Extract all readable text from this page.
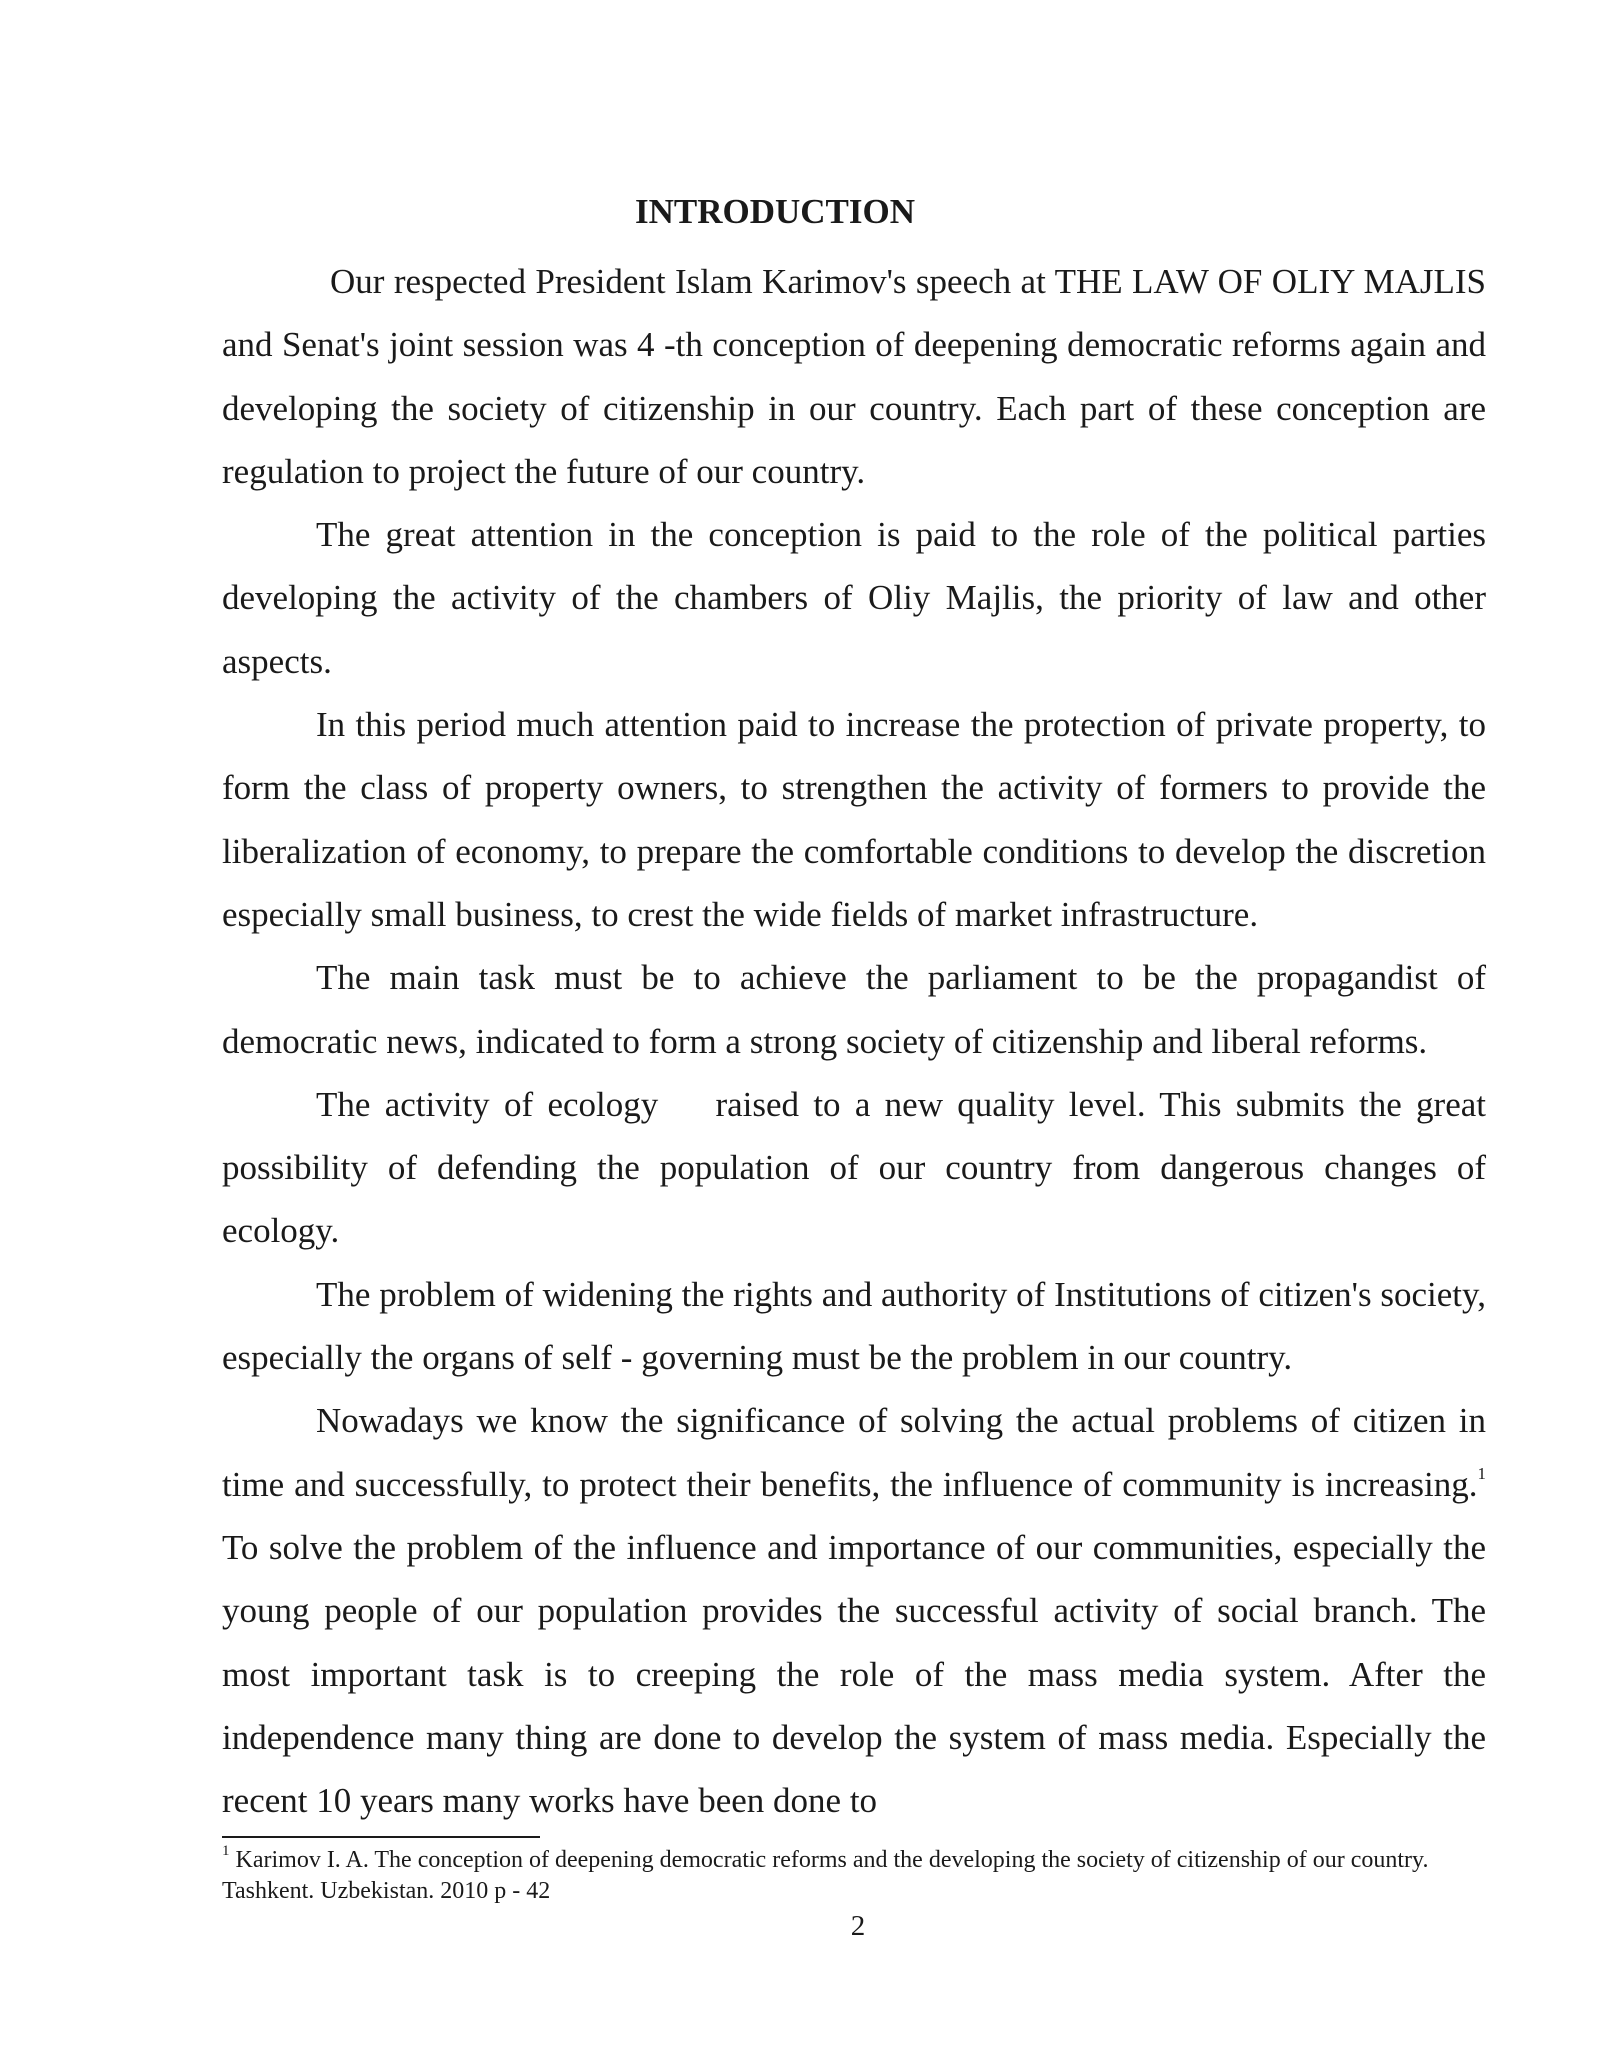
INTRODUCTION

Our respected President Islam Karimov's speech at THE LAW OF OLIY MAJLIS and Senat's joint session was 4 -th conception of deepening democratic reforms again and developing the society of citizenship in our country. Each part of these conception are regulation to project the future of our country.

The great attention in the conception is paid to the role of the political parties developing the activity of the chambers of Oliy Majlis, the priority of law and other aspects.

In this period much attention paid to increase the protection of private property, to form the class of property owners, to strengthen the activity of formers to provide the liberalization of economy, to prepare the comfortable conditions to develop the discretion especially small business, to crest the wide fields of market infrastructure.

The main task must be to achieve the parliament to be the propagandist of democratic news, indicated to form a strong society of citizenship and liberal reforms.

The activity of ecology    raised to a new quality level. This submits the great possibility of defending the population of our country from dangerous changes of ecology.

The problem of widening the rights and authority of Institutions of citizen's society, especially the organs of self - governing must be the problem in our country.

Nowadays we know the significance of solving the actual problems of citizen in time and successfully, to protect their benefits, the influence of community is increasing.$^1$ To solve the problem of the influence and importance of our communities, especially the young people of our population provides the successful activity of social branch. The most important task is to creeping the role of the mass media system. After the independence many thing are done to develop the system of mass media. Especially the recent 10 years many works have been done to

$^1$ Karimov I. A. The conception of deepening democratic reforms and the developing the society of citizenship of our country. Tashkent. Uzbekistan. 2010 p - 42
2
